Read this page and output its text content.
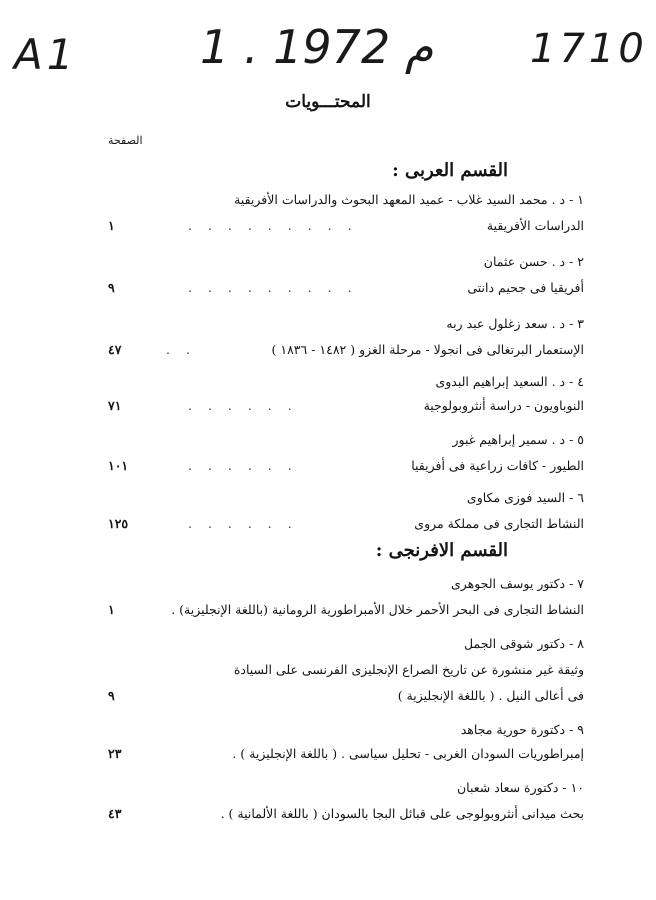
A1	1 . م 1972 1710
المحتـــويات
الصفحة
القسم العربى :
١ - د . محمد السيد غلاب - عميد المعهد البحوث والدراسات الأفريقية
الدراسات الأفريقية
. . . . . . . . .
١
٢ - د . حسن عثمان
أفريقيا فى جحيم دانتى
. . . . . . . . .
٩
٣ - د . سعد زغلول عبد ربه
الإستعمار البرتغالى فى انجولا - مرحلة الغزو ( ١٤٨٢ - ١٨٣٦ )
. .
٤٧
٤ - د . السعيد إبراهيم البدوى
النوباويون - دراسة أنثروبولوجية
. . . . . .
٧١
٥ - د . سمير إبراهيم غبور
الطيور - كافات زراعية فى أفريقيا
. . . . . .
١٠١
٦ - السيد فوزى مكاوى
النشاط التجارى فى مملكة مروى
. . . . . .
١٢٥
القسم الافرنجى :
٧ - دكتور يوسف الجوهرى
النشاط التجارى فى البحر الأحمر خلال الأمبراطورية الرومانية (باللغة الإنجليزية) .
١
٨ - دكتور شوقى الجمل
وثيقة غير منشورة عن تاريخ الصراع الإنجليزى الفرنسى على السيادة
فى أعالى النيل . ( باللغة الإنجليزية )
٩
٩ - دكتورة حورية مجاهد
إمبراطوريات السودان الغربى - تحليل سياسى . ( باللغة الإنجليزية ) .
٢٣
١٠ - دكتورة سعاد شعبان
بحث ميدانى أنثروبولوجى على قبائل البجا بالسودان ( باللغة الألمانية ) .
٤٣
